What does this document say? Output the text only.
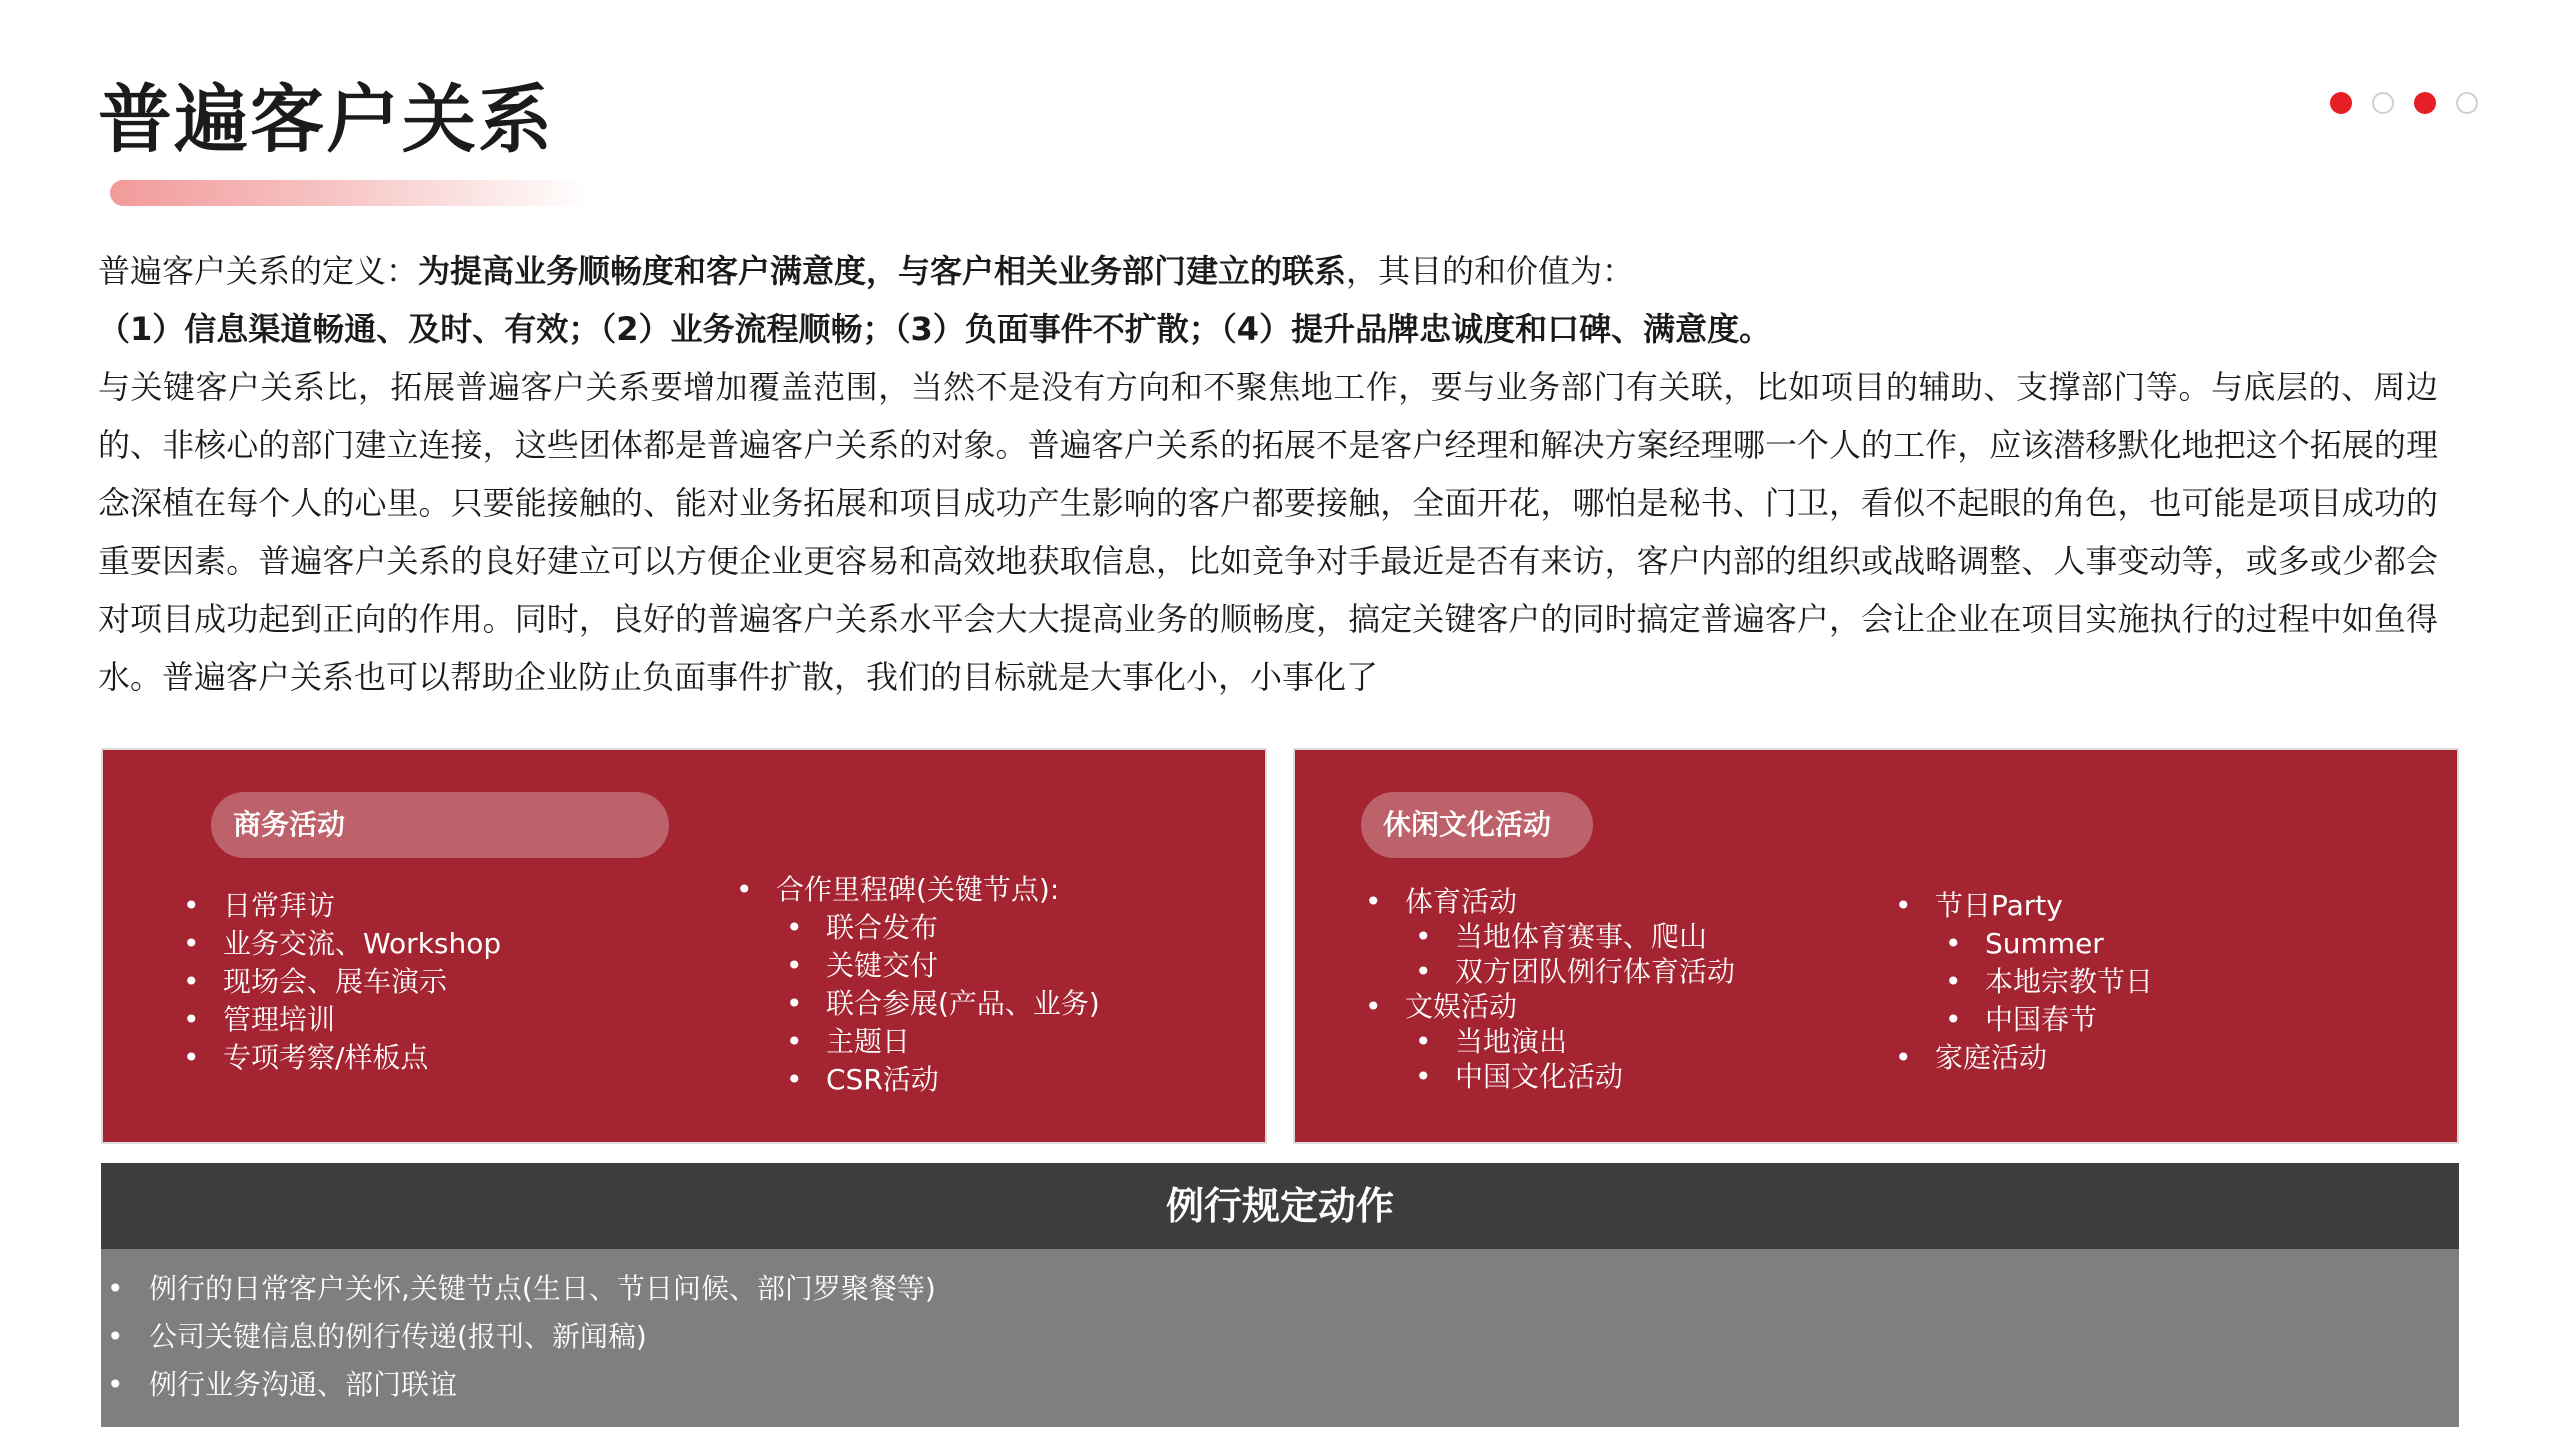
普遍客户关系

普遍客户关系的定义：为提高业务顺畅度和客户满意度，与客户相关业务部门建立的联系，其目的和价值为：

（1）信息渠道畅通、及时、有效；（2）业务流程顺畅；（3）负面事件不扩散；（4）提升品牌忠诚度和口碑、满意度。

与关键客户关系比，拓展普遍客户关系要增加覆盖范围，当然不是没有方向和不聚焦地工作，要与业务部门有关联，比如项目的辅助、支撑部门等。与底层的、周边的、非核心的部门建立连接，这些团体都是普遍客户关系的对象。普遍客户关系的拓展不是客户经理和解决方案经理哪一个人的工作，应该潜移默化地把这个拓展的理念深植在每个人的心里。只要能接触的、能对业务拓展和项目成功产生影响的客户都要接触，全面开花，哪怕是秘书、门卫，看似不起眼的角色，也可能是项目成功的重要因素。普遍客户关系的良好建立可以方便企业更容易和高效地获取信息，比如竞争对手最近是否有来访，客户内部的组织或战略调整、人事变动等，或多或少都会对项目成功起到正向的作用。同时，良好的普遍客户关系水平会大大提高业务的顺畅度，搞定关键客户的同时搞定普遍客户，会让企业在项目实施执行的过程中如鱼得水。普遍客户关系也可以帮助企业防止负面事件扩散，我们的目标就是大事化小，小事化了

商务活动
• 日常拜访
• 业务交流、Workshop
• 现场会、展车演示
• 管理培训
• 专项考察/样板点
• 合作里程碑(关键节点):
• 联合发布
• 关键交付
• 联合参展(产品、业务)
• 主题日
• CSR活动
休闲文化活动
• 体育活动
• 当地体育赛事、爬山
• 双方团队例行体育活动
• 文娱活动
• 当地演出
• 中国文化活动
• 节日Party
• Summer
• 本地宗教节日
• 中国春节
• 家庭活动
例行规定动作
• 例行的日常客户关怀,关键节点(生日、节日问候、部门罗聚餐等)
• 公司关键信息的例行传递(报刊、新闻稿)
• 例行业务沟通、部门联谊
